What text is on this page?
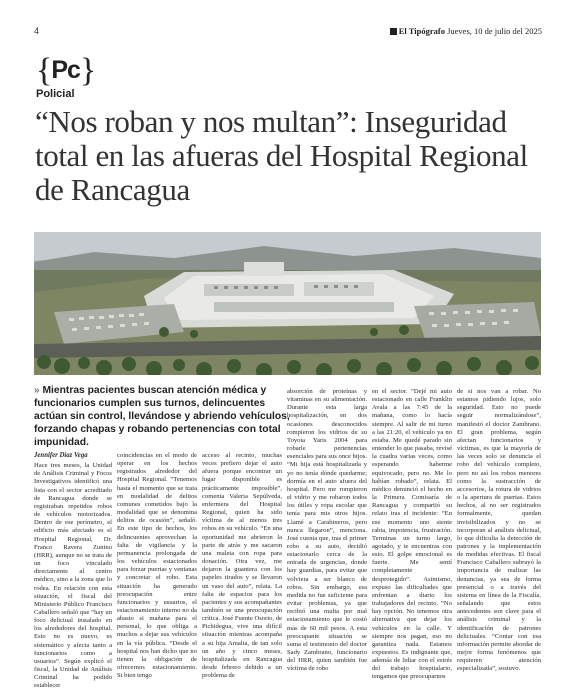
4	El Tipógrafo Jueves, 10 de julio del 2025
{Pc}
Policial
“Nos roban y nos multan”: Inseguridad total en las afueras del Hospital Regional de Rancagua
» Mientras pacientes buscan atención médica y funcionarios cumplen sus turnos, delincuentes actúan sin control, llevándose y abriendo vehículos, forzando chapas y robando pertenencias con total impunidad.
Jennifer Díaz Vega

Hace tres meses, la Unidad de Análisis Criminal y Focos Investigativos identificó una lista con el sector acreditado de Rancagua donde se registraban repetidos robos de vehículos motorizados. Dentro de ese perímetro, el edificio más afectado es el Hospital Regional, Dr. Franco Ravera Zunino (HRR), aunque no se trata de un foco vinculado directamente al centro médico, sino a la zona que lo rodea. En relación con esta situación, el fiscal del Ministerio Público Francisco Caballero señaló que “hay un foco delictual instalado en los alrededores del hospital. Esto no es nuevo, es sistemático y afecta tanto a funcionarios como a usuarios”. Según explicó el fiscal, la Unidad de Análisis Criminal ha podido establecer

coincidencias en el modo de operar en los hechos registrados alrededor del Hospital Regional. “Tenemos hasta el momento que se trata en modalidad de delitos comunes cometidos bajo la modalidad que se denomina delitos de ocasión”, señaló. En este tipo de hechos, los delincuentes aprovechan la falta de vigilancia y la permanencia prolongada de los vehículos estacionados para forzar puertas y ventanas y concretar el robo. Esta situación ha generado preocupación entre funcionarios y usuarios, el estacionamiento interno no da abasto si mañana para el personal, lo que obliga a muchos a dejar sus vehículos en la vía pública. “Desde el hospital nos han dicho que no tienen la obligación de ofrecernos estacionamiento. Si bien tengo

acceso al recinto, muchas veces prefiero dejar el auto afuera porque encontrar un lugar disponible es prácticamente imposible”, comenta Valeria Sepúlveda, enfermera del Hospital Regional, quien ha sido víctima de al menos tres robos en su vehículo. “En una oportunidad me abrieron la parte de atrás y me sacaron una maleta con ropa para donación. Otra vez, me dejaron la guantera con los papeles tirados y se llevaron un vaso del auto”, relata. La falta de espacios para los pacientes y sus acompañantes también se una preocupación crítica. José Fuente Osorio, de Pichidegua, vive una difícil situación mientras acompaña a su hija Amalia, de tan solo un año y cinco meses, hospitalizada en Rancagua desde febrero debido a un problema de

absorción de proteínas y vitaminas en su alimentación. Durante esta larga hospitalización, en dos ocasiones desconocidos rompieron los vidrios de su Toyota Yaris 2004 para robarle pertenencias esenciales para sus once hijos. “Mi hija está hospitalizada y yo no tenía dónde quedarme; dormía en el auto afuera del hospital. Pero me rompieron el vidrio y me robaron todos los útiles y ropa escolar que tenía para mis otros hijos. Llamé a Carabineros, pero nunca llegaron”, menciona. José cuenta que, tras el primer robo a su auto, decidió estacionarlo cerca de la entrada de urgencias, donde hay guardias, para evitar que volviera a ser blanco de robos. Sin embargo, esa medida no fue suficiente para evitar problemas, ya que recibió una multa por mal estacionamiento que le costó más de 60 mil pesos. A esta preocupante situación se suma el testimonio del doctor Sady Zambrano, funcionario del HRR, quien también fue víctima de robo

en el sector. “Dejé mi auto estacionado en calle Franklin Avala a las 7:45 de la mañana, como lo hacía siempre. Al salir de mi turno a las 21:20, el vehículo ya no estaba. Me quedé parado sin entender lo que pasaba, revisé la cuadra varias veces, como esperando haberme equivocado, pero no. Me lo habían robado”, relata. El médico denunció el hecho en la Primera Comisaría de Rancagua y compartió su relato tras el incidente: “En ese momento uno siente rabia, impotencia, frustración. Terminas un turno largo, agotado, y te encuentras con esto. El golpe emocional es fuerte. Me sentí completamente desprotegido”. Asimismo, expuso las dificultades que enfrentan a diario los trabajadores del recinto. “No hay opción. No tenemos otra alternativa que dejar los vehículos en la calle. Y siempre nos pagan, eso no garantiza nada. Estamos expuestos. Es indignante que, además de lidiar con el estrés del trabajo hospitalario, tengamos que preocuparnos

de si nos van a robar. No estamos pidiendo lujos, solo seguridad. Esto no puede seguir normalizándose”, manifestó el doctor Zambrano. El gran problema, según afectan funcionarios y víctimas, es que la mayoría de las veces solo se denuncia el robo del vehículo completo, pero no así los robos menores como la sustracción de accesorios, la rotura de vidrios o la apertura de puertas. Estos hechos, al no ser registrados formalmente, quedan invisibilizados y no se incorporan al análisis delictual, lo que dificulta la detección de patrones y la implementación de medidas efectivas. El fiscal Francisco Caballero subrayó la importancia de realizar las denuncias, ya sea de forma presencial o a través del sistema en línea de la Fiscalía, señalando que estos antecedentes son clave para el análisis criminal y la identificación de patrones delictuales. “Contar con esa información permite abordar de mejor forma fenómenos que requieren atención especializada”, sostuvo.
